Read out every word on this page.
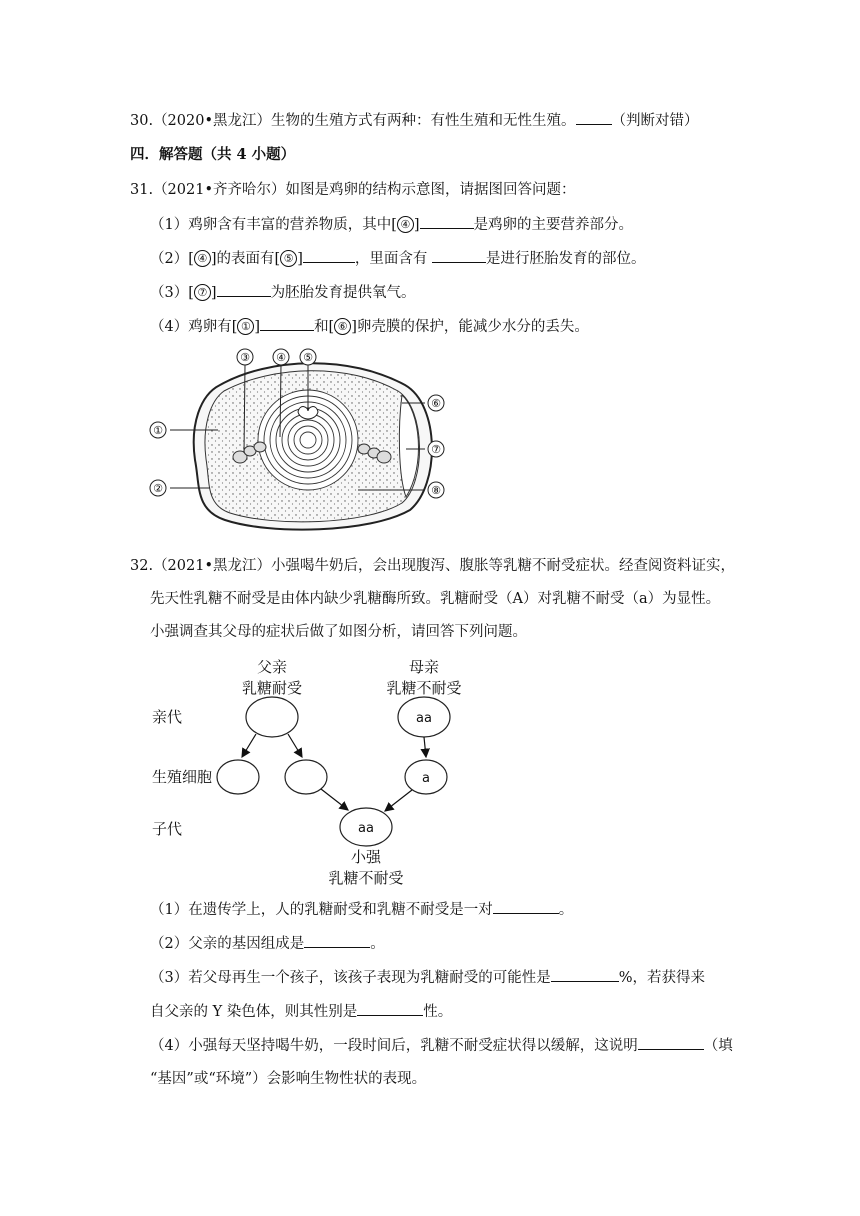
30.（2020•黑龙江）生物的生殖方式有两种：有性生殖和无性生殖。 （判断对错）
四．解答题（共 4 小题）
31.（2021•齐齐哈尔）如图是鸡卵的结构示意图，请据图回答问题：
（1）鸡卵含有丰富的营养物质，其中[ ④ ]	是鸡卵的主要营养部分。
（2）[ ④ ]的表面有[ ⑤ ]	，里面含有	是进行胚胎发育的部位。
（3）[ ⑦ ]	为胚胎发育提供氧气。
（4）鸡卵有[ ① ]	和[ ⑥ ]卵壳膜的保护，能减少水分的丢失。
①
②
③ ④ ⑤
⑥
⑦
⑧
32.（2021•黑龙江）小强喝牛奶后，会出现腹泻、腹胀等乳糖不耐受症状。经查阅资料证实，
先天性乳糖不耐受是由体内缺少乳糖酶所致。乳糖耐受（A）对乳糖不耐受（a）为显性。
小强调查其父母的症状后做了如图分析，请回答下列问题。
父亲
乳糖耐受
母亲
乳糖不耐受
亲代
生殖细胞
子代
小强
乳糖不耐受
aa
a
aa
（1）在遗传学上，人的乳糖耐受和乳糖不耐受是一对	。
（2）父亲的基因组成是	。
（3）若父母再生一个孩子，该孩子表现为乳糖耐受的可能性是	%，若获得来
自父亲的 Y 染色体，则其性别是	性。
（4）小强每天坚持喝牛奶，一段时间后，乳糖不耐受症状得以缓解，这说明	（填
“基因”或“环境”）会影响生物性状的表现。
